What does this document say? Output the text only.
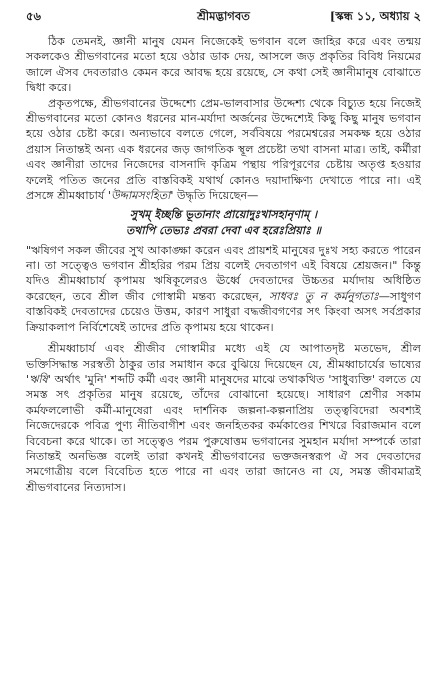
৫৬	শ্রীমদ্ভাগবত	[স্কন্ধ ১১, অধ্যায় ২

ঠিক তেমনই, জ্ঞানী মানুষ যেমন নিজেকেই ভগবান বলে জাহির করে এবং তন্ময় সকলকেও শ্রীভগবানের মতো হয়ে ওঠার ডাক দেয়, আসলে জড় প্রকৃতির বিবিধ নিয়মের জালে ঐসব দেবতারাও কেমন করে আবদ্ধ হয়ে রয়েছে, সে কথা সেই জ্ঞানীমানুষ বোঝাতে দ্বিধা করে।

প্রকৃতপক্ষে, শ্রীভগবানের উদ্দেশ্যে প্রেম-ভালবাসার উদ্দেশ্য থেকে বিচ্যুত হয়ে নিজেই শ্রীভগবানের মতো কোনও ধরনের মান-মর্যাদা অর্জনের উদ্দেশ্যেই কিছু কিছু মানুষ ভগবান হয়ে ওঠার চেষ্টা করে। অন্যভাবে বলতে গেলে, সর্ববিষয়ে পরমেশ্বরের সমকক্ষ হয়ে ওঠার প্রয়াস নিতান্তই অন্য এক ধরনের জড় জাগতিক স্থূল প্রচেষ্টা তথা বাসনা মাত্র। তাই, কর্মীরা এবং জ্ঞানীরা তাদের নিজেদের বাসনাদি কৃত্রিম পন্থায় পরিপূরণের চেষ্টায় অতৃপ্ত হওয়ার ফলেই পতিত জনের প্রতি বাস্তবিকই যথার্থ কোনও দয়াদাক্ষিণ্য দেখাতে পারে না। এই প্রসঙ্গে শ্রীমধ্বাচার্য 'উদ্দামসংহিতা' উদ্ধৃতি দিয়েছেন—

সুখম্ ইচ্ছন্তি ভূতানাং প্রায়োদুঃখাসহানৃণাম্ ।
তথাপি তেভ্যঃ প্রবরা দেবা এব হরেঃপ্রিয়াঃ ॥

"ঋষিগণ সকল জীবের সুখ আকাঙ্ক্ষা করেন এবং প্রায়শই মানুষের দুঃখ সহ্য করতে পারেন না। তা সত্ত্বেও ভগবান শ্রীহরির পরম প্রিয় বলেই দেবতাগণ এই বিষয়ে শ্রেয়জন।" কিন্তু যদিও শ্রীমধ্বাচার্য কৃপাময় ঋষিকূলেরও ঊর্ধ্বে দেবতাদের উচ্চতর মর্যাদায় অধিষ্ঠিত করেছেন, তবে শ্রীল জীব গোস্বামী মন্তব্য করেছেন, সাধবঃ তু ন কর্মনুগতাঃ—সাধুগণ বাস্তবিকই দেবতাদের চেয়েও উত্তম, কারণ সাধুরা বদ্ধজীবগণের সৎ কিংবা অসৎ সর্বপ্রকার ক্রিয়াকলাপ নির্বিশেষেই তাদের প্রতি কৃপাময় হয়ে থাকেন।

শ্রীমধ্বাচার্য এবং শ্রীজীব গোস্বামীর মধ্যে এই যে আপাতদৃষ্ট মতভেদ, শ্রীল ভক্তিসিদ্ধান্ত সরস্বতী ঠাকুর তার সমাধান করে বুঝিয়ে দিয়েছেন যে, শ্রীমধ্বাচার্যের ভাষ্যের 'ঋষি' অর্থাৎ 'মুনি' শব্দটি কর্মী এবং জ্ঞানী মানুষদের মাঝে তথাকথিত 'সাধুব্যক্তি' বলতে যে সমস্ত সৎ প্রকৃতির মানুষ রয়েছে, তাঁদের বোঝানো হয়েছে। সাধারণ শ্রেণীর সকাম কর্মফললোভী কর্মী-মানুষেরা এবং দার্শনিক জল্পনা-কল্পনাপ্রিয় তত্ত্ববিদেরা অবশ্যই নিজেদেরকে পবিত্র পুণ্য নীতিবাগীশ এবং জনহিতকর কর্মকাণ্ডের শিখরে বিরাজমান বলে বিবেচনা করে থাকে। তা সত্ত্বেও পরম পুরুষোত্তম ভগবানের সুমহান মর্যাদা সম্পর্কে তারা নিতান্তই অনভিজ্ঞ বলেই তারা কখনই শ্রীভগবানের ভক্তজনস্বরূপ ঐ সব দেবতাদের সমগোত্রীয় বলে বিবেচিত হতে পারে না এবং তারা জানেও না যে, সমস্ত জীবমাত্রই শ্রীভগবানের নিত্যদাস।
